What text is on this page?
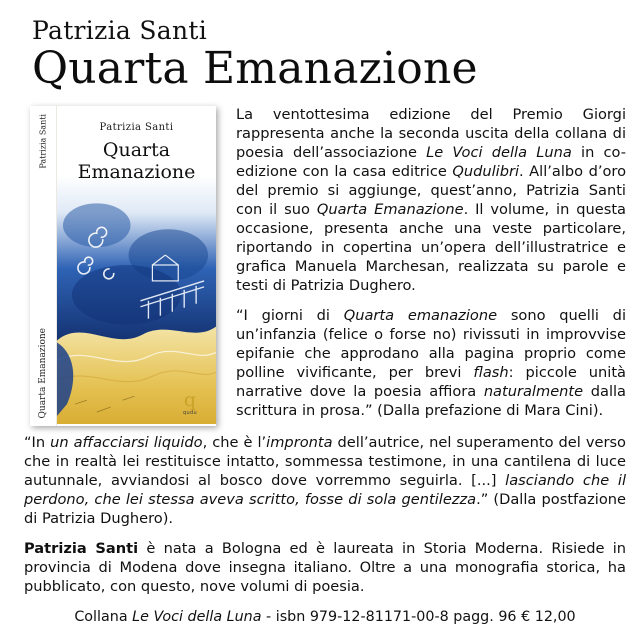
Patrizia Santi
Quarta Emanazione
Patrizia Santi
Quarta Emanazione
Patrizia Santi
Quarta
Emanazione
q
qudu

La ventottesima edizione del Premio Giorgi rappresenta anche la seconda uscita della collana di poesia dell’associazione Le Voci della Luna in co-edizione con la casa editrice Qudulibri. All’albo d’oro del premio si aggiunge, quest’anno, Patrizia Santi con il suo Quarta Emanazione. Il volume, in questa occasione, presenta anche una veste particolare, riportando in copertina un’opera dell’illustratrice e grafica Manuela Marchesan, realizzata su parole e testi di Patrizia Dughero.

“I giorni di Quarta emanazione sono quelli di un’infanzia (felice o forse no) rivissuti in improvvise epifanie che approdano alla pagina proprio come polline vivificante, per brevi flash: piccole unità narrative dove la poesia affiora naturalmente dalla scrittura in prosa.” (Dalla prefazione di Mara Cini).

“In un affacciarsi liquido, che è l’impronta dell’autrice, nel superamento del verso che in realtà lei restituisce intatto, sommessa testimone, in una cantilena di luce autunnale, avviandosi al bosco dove vorremmo seguirla. [...] lasciando che il perdono, che lei stessa aveva scritto, fosse di sola gentilezza.” (Dalla postfazione di Patrizia Dughero).

Patrizia Santi è nata a Bologna ed è laureata in Storia Moderna. Risiede in provincia di Modena dove insegna italiano. Oltre a una monografia storica, ha pubblicato, con questo, nove volumi di poesia.

Collana Le Voci della Luna - isbn 979-12-81171-00-8 pagg. 96 € 12,00
